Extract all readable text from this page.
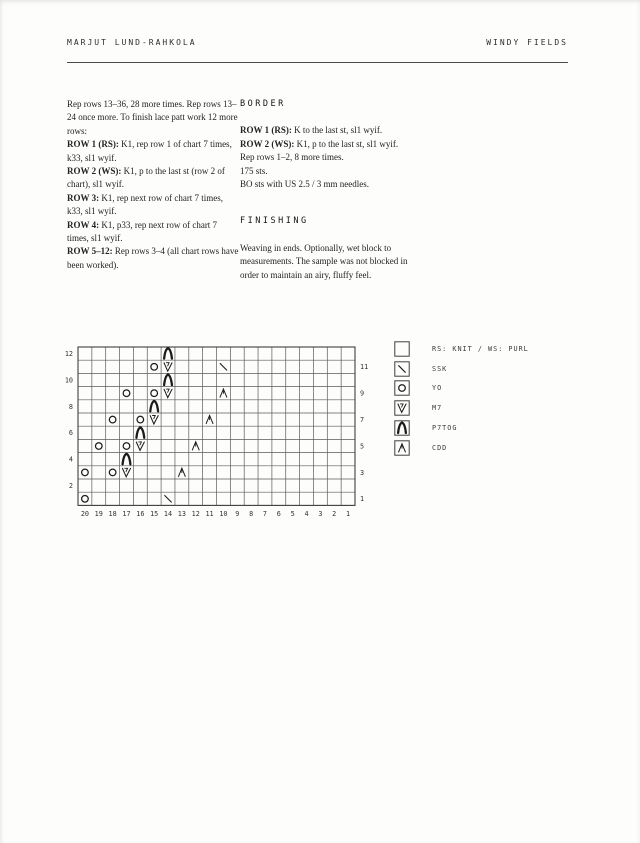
MARJUT LUND-RAHKOLA	WINDY FIELDS

Rep rows 13–36, 28 more times. Rep rows 13–24 once more. To finish lace patt work 12 more rows:

ROW 1 (RS): K1, rep row 1 of chart 7 times, k33, sl1 wyif.

ROW 2 (WS): K1, p to the last st (row 2 of chart), sl1 wyif.

ROW 3: K1, rep next row of chart 7 times, k33, sl1 wyif.

ROW 4: K1, p33, rep next row of chart 7 times, sl1 wyif.

ROW 5–12: Rep rows 3–4 (all chart rows have been worked).

BORDER

ROW 1 (RS): K to the last st, sl1 wyif.

ROW 2 (WS): K1, p to the last st, sl1 wyif.

Rep rows 1–2, 8 more times.

175 sts.

BO sts with US 2.5 / 3 mm needles.

FINISHING

Weaving in ends. Optionally, wet block to measurements. The sample was not blocked in order to maintain an airy, fluffy feel.

20 19 18 17 16 15 14 13 12 11 10 9 8 7 6 5 4 3 2 1
12
11
10
9
8
7
6
5
4
3
2
1
RS: KNIT / WS: PURL
SSK
YO
M7
P7TOG
CDD
